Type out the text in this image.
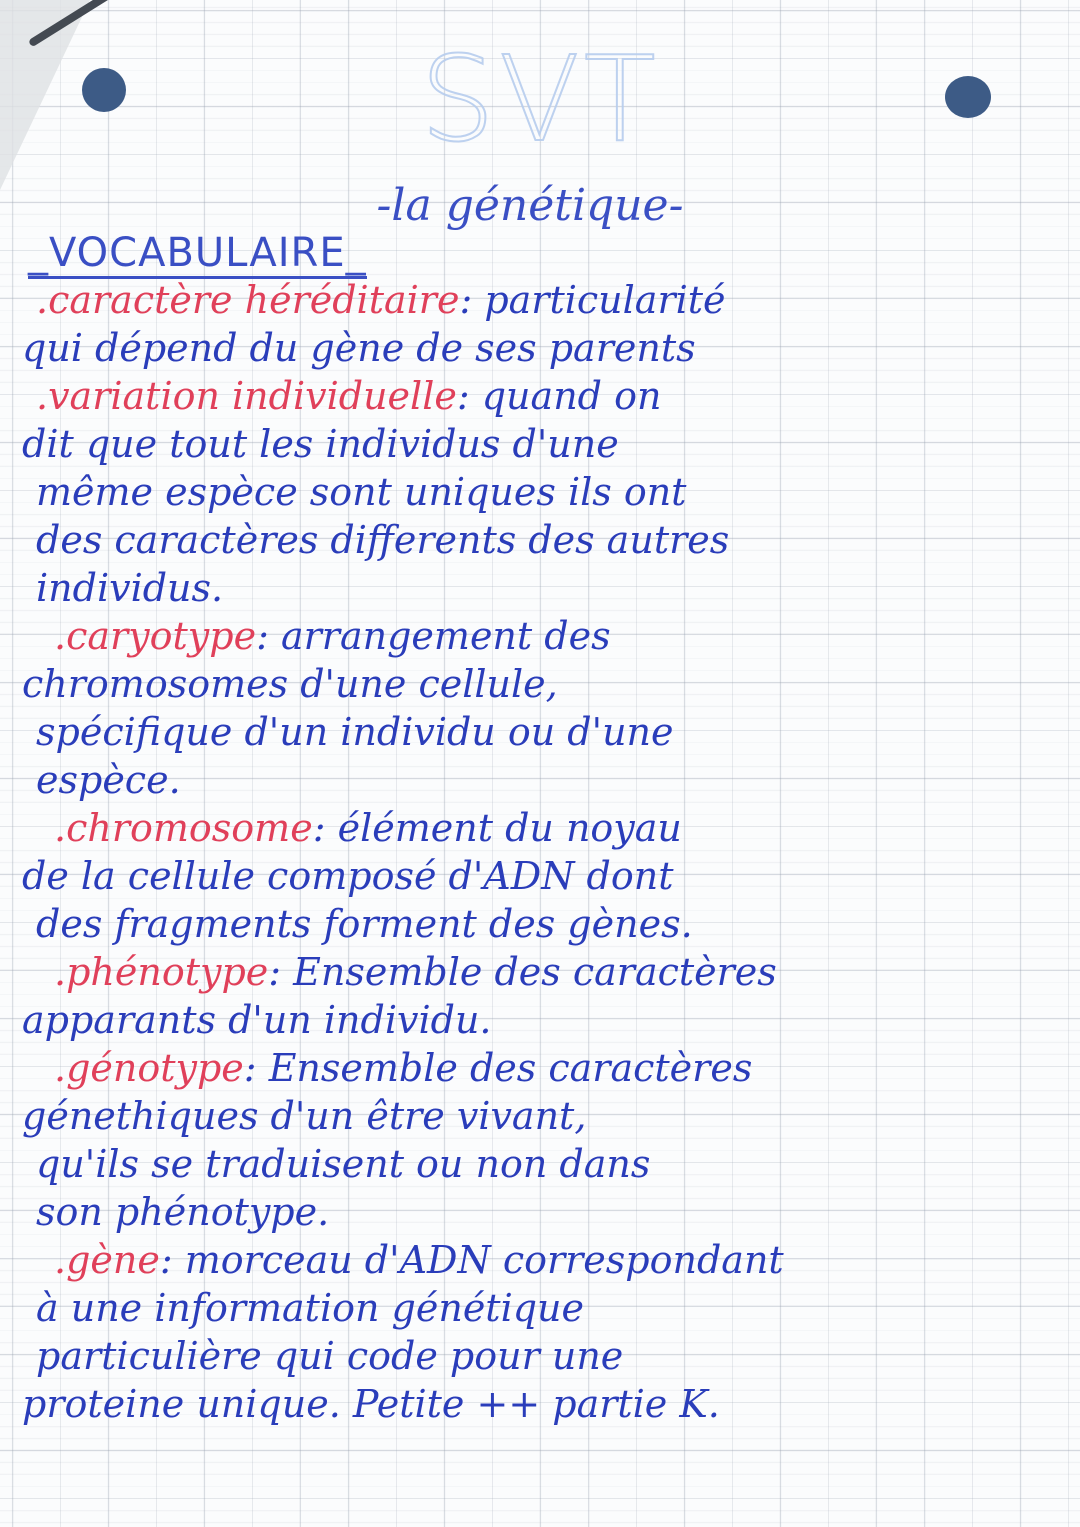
SVT
-la génétique-
_VOCABULAIRE_
.caractère héréditaire: particularité
qui dépend du gène de ses parents
.variation individuelle: quand on
dit que tout les individus d'une
même espèce sont uniques ils ont
des caractères differents des autres
individus.
.caryotype: arrangement des
chromosomes d'une cellule,
spécifique d'un individu ou d'une
espèce.
.chromosome: élément du noyau
de la cellule composé d'ADN dont
des fragments forment des gènes.
.phénotype: Ensemble des caractères
apparants d'un individu.
.génotype: Ensemble des caractères
génethiques d'un être vivant,
qu'ils se traduisent ou non dans
son phénotype.
.gène: morceau d'ADN correspondant
à une information génétique
particulière qui code pour une
proteine unique. Petite ++ partie K.
